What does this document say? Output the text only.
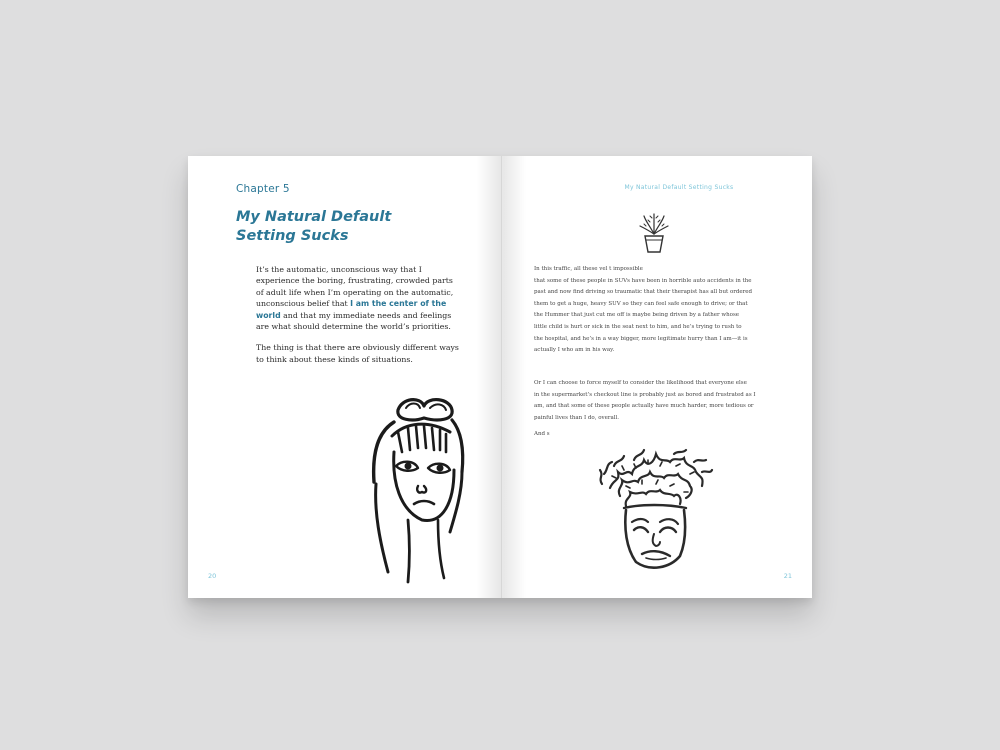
Chapter 5
My Natural Default
Setting Sucks

It’s the automatic, unconscious way that I experience the boring, frustrating, crowded parts of adult life when I’m operating on the automatic, unconscious belief that I am the center of the world and that my immediate needs and feelings are what should determine the world’s priorities.

The thing is that there are obviously different ways to think about these kinds of situations.

20
My Natural Default Setting Sucks
In this traffic, all these vel t impossible
that some of these people in SUVs have been in horrible auto accidents in the
past and now find driving so traumatic that their therapist has all but ordered
them to get a huge, heavy SUV so they can feel safe enough to drive; or that
the Hummer that just cut me off is maybe being driven by a father whose
little child is hurt or sick in the seat next to him, and he’s trying to rush to
the hospital, and he’s in a way bigger, more legitimate hurry than I am—it is
actually I who am in his way.
Or I can choose to force myself to consider the likelihood that everyone else
in the supermarket’s checkout line is probably just as bored and frustrated as I
am, and that some of these people actually have much harder, more tedious or
painful lives than I do, overall.
And s
21
